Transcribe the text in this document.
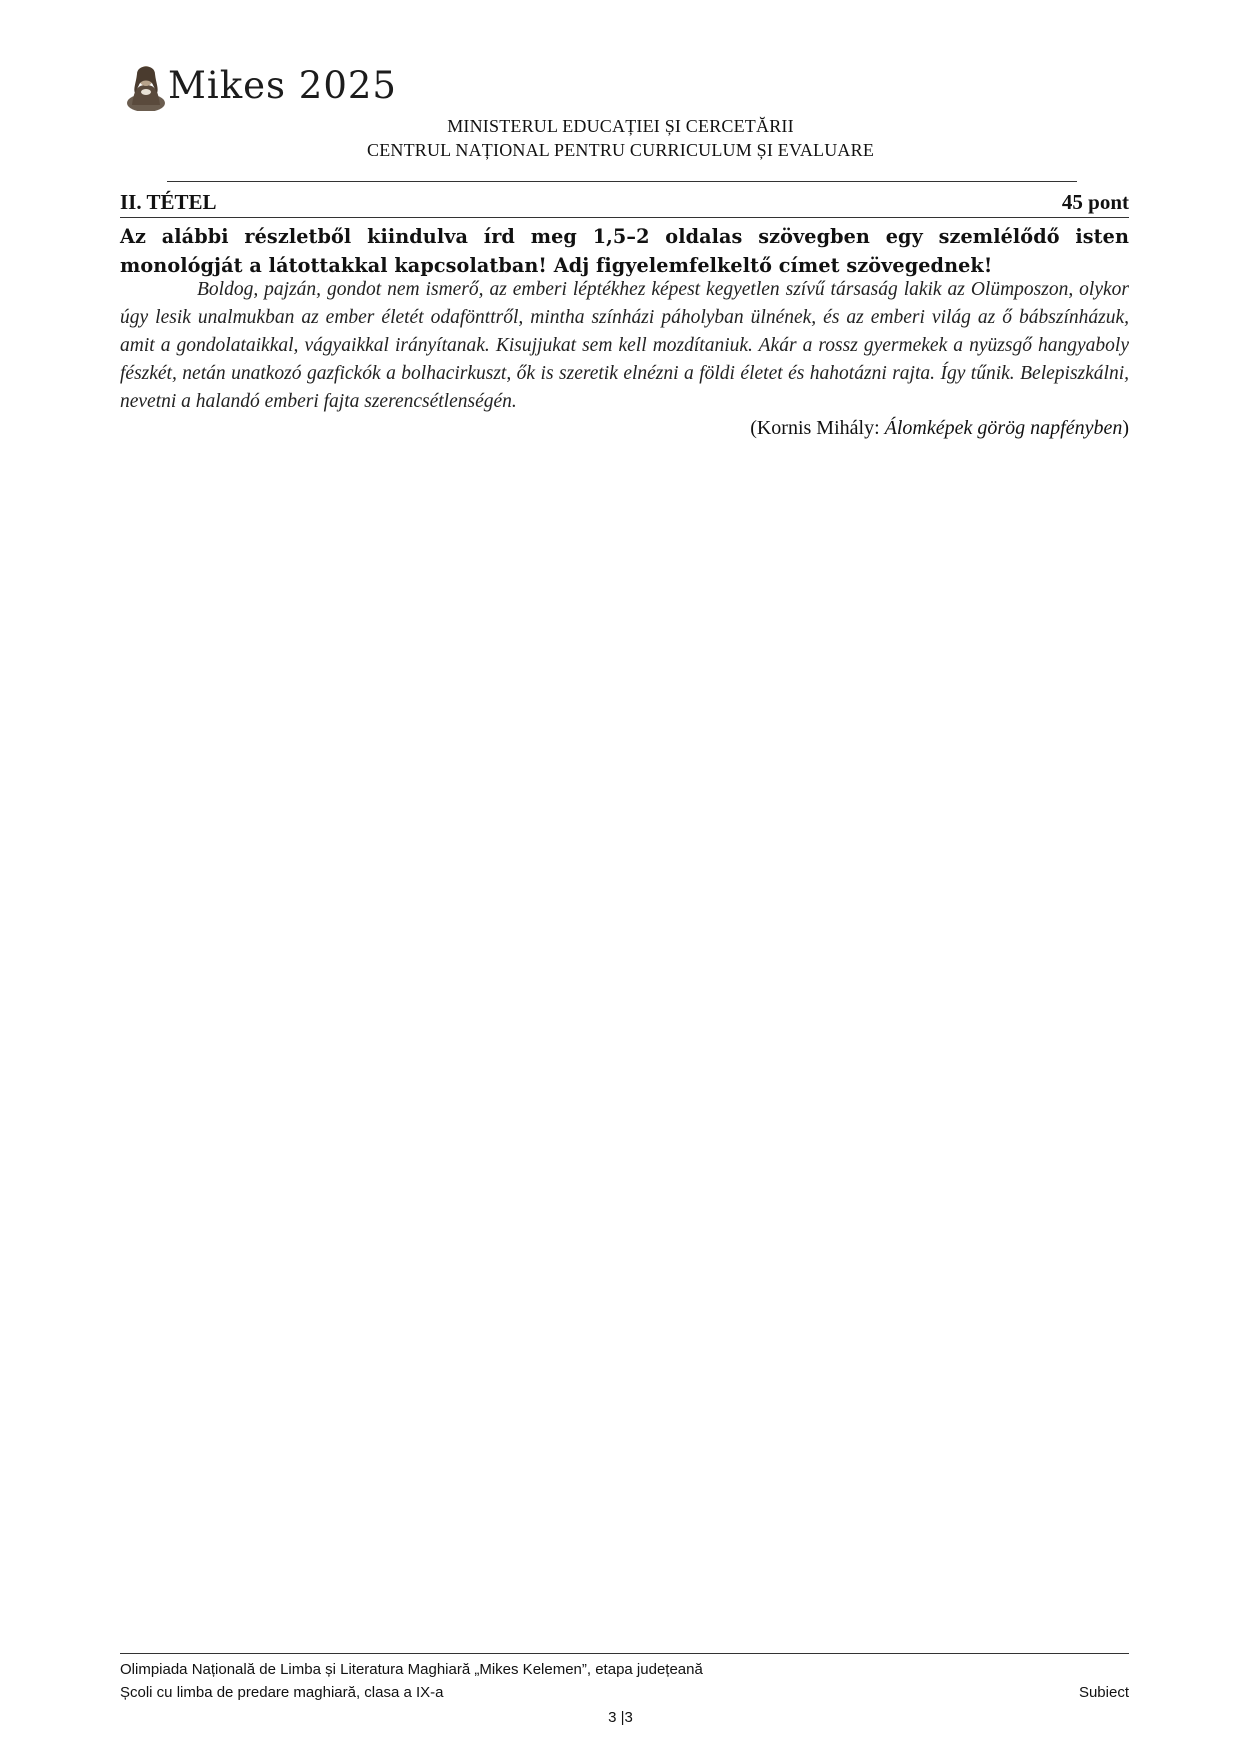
Mikes 2025
MINISTERUL EDUCAȚIEI ȘI CERCETĂRII
CENTRUL NAȚIONAL PENTRU CURRICULUM ȘI EVALUARE
II. TÉTEL	45 pont
Az alábbi részletből kiindulva írd meg 1,5–2 oldalas szövegben egy szemlélődő isten monológját a látottakkal kapcsolatban! Adj figyelemfelkeltő címet szövegednek!
Boldog, pajzán, gondot nem ismerő, az emberi léptékhez képest kegyetlen szívű társaság lakik az Olümposzon, olykor úgy lesik unalmukban az ember életét odafönttről, mintha színházi páholyban ülnének, és az emberi világ az ő bábszínházuk, amit a gondolataikkal, vágyaikkal irányítanak. Kisujjukat sem kell mozdítaniuk. Akár a rossz gyermekek a nyüzsgő hangyaboly fészkét, netán unatkozó gazfickók a bolhacirkuszt, ők is szeretik elnézni a földi életet és hahotázni rajta. Így tűnik. Belepiszkálni, nevetni a halandó emberi fajta szerencsétlenségén.
(Kornis Mihály: Álomképek görög napfényben)
Olimpiada Națională de Limba și Literatura Maghiară „Mikes Kelemen”, etapa județeană
Școli cu limba de predare maghiară, clasa a IX-a	Subiect
3 |3
